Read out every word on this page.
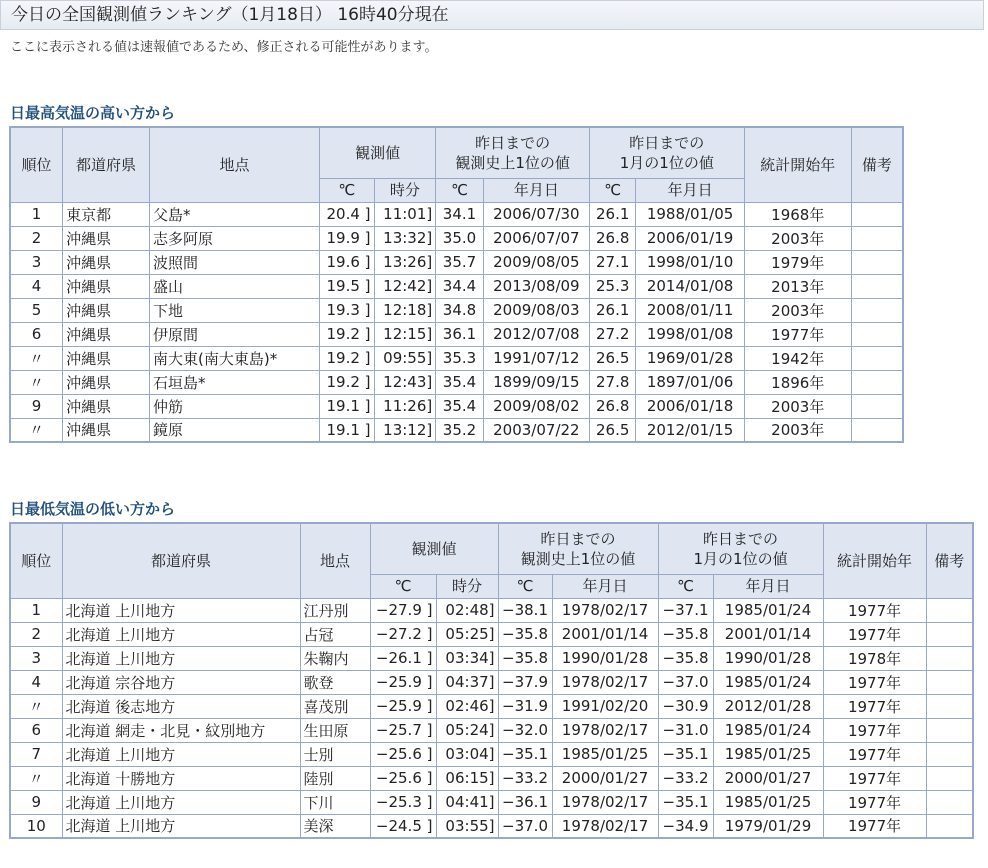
今日の全国観測値ランキング（1月18日） 16時40分現在
ここに表示される値は速報値であるため、修正される可能性があります。
日最高気温の高い方から
順位	都道府県	地点	観測値		昨日までの
観測史上1位の値		昨日までの
1月の1位の値		統計開始年	備考
			℃	時分	℃	年月日	℃	年月日		
1	東京都	父島*	20.4 ]	11:01]	34.1	2006/07/30	26.1	1988/01/05	1968年	
2	沖縄県	志多阿原	19.9 ]	13:32]	35.0	2006/07/07	26.8	2006/01/19	2003年	
3	沖縄県	波照間	19.6 ]	13:26]	35.7	2009/08/05	27.1	1998/01/10	1979年	
4	沖縄県	盛山	19.5 ]	12:42]	34.4	2013/08/09	25.3	2014/01/08	2013年	
5	沖縄県	下地	19.3 ]	12:18]	34.8	2009/08/03	26.1	2008/01/11	2003年	
6	沖縄県	伊原間	19.2 ]	12:15]	36.1	2012/07/08	27.2	1998/01/08	1977年	
〃	沖縄県	南大東(南大東島)*	19.2 ]	09:55]	35.3	1991/07/12	26.5	1969/01/28	1942年	
〃	沖縄県	石垣島*	19.2 ]	12:43]	35.4	1899/09/15	27.8	1897/01/06	1896年	
9	沖縄県	仲筋	19.1 ]	11:26]	35.4	2009/08/02	26.8	2006/01/18	2003年	
〃	沖縄県	鏡原	19.1 ]	13:12]	35.2	2003/07/22	26.5	2012/01/15	2003年	
日最低気温の低い方から
順位	都道府県	地点	観測値		昨日までの
観測史上1位の値		昨日までの
1月の1位の値		統計開始年	備考
			℃	時分	℃	年月日	℃	年月日		
1	北海道 上川地方	江丹別	−27.9 ]	02:48]	−38.1	1978/02/17	−37.1	1985/01/24	1977年	
2	北海道 上川地方	占冠	−27.2 ]	05:25]	−35.8	2001/01/14	−35.8	2001/01/14	1977年	
3	北海道 上川地方	朱鞠内	−26.1 ]	03:34]	−35.8	1990/01/28	−35.8	1990/01/28	1978年	
4	北海道 宗谷地方	歌登	−25.9 ]	04:37]	−37.9	1978/02/17	−37.0	1985/01/24	1977年	
〃	北海道 後志地方	喜茂別	−25.9 ]	02:46]	−31.9	1991/02/20	−30.9	2012/01/28	1977年	
6	北海道 網走・北見・紋別地方	生田原	−25.7 ]	05:24]	−32.0	1978/02/17	−31.0	1985/01/24	1977年	
7	北海道 上川地方	士別	−25.6 ]	03:04]	−35.1	1985/01/25	−35.1	1985/01/25	1977年	
〃	北海道 十勝地方	陸別	−25.6 ]	06:15]	−33.2	2000/01/27	−33.2	2000/01/27	1977年	
9	北海道 上川地方	下川	−25.3 ]	04:41]	−36.1	1978/02/17	−35.1	1985/01/25	1977年	
10	北海道 上川地方	美深	−24.5 ]	03:55]	−37.0	1978/02/17	−34.9	1979/01/29	1977年	
